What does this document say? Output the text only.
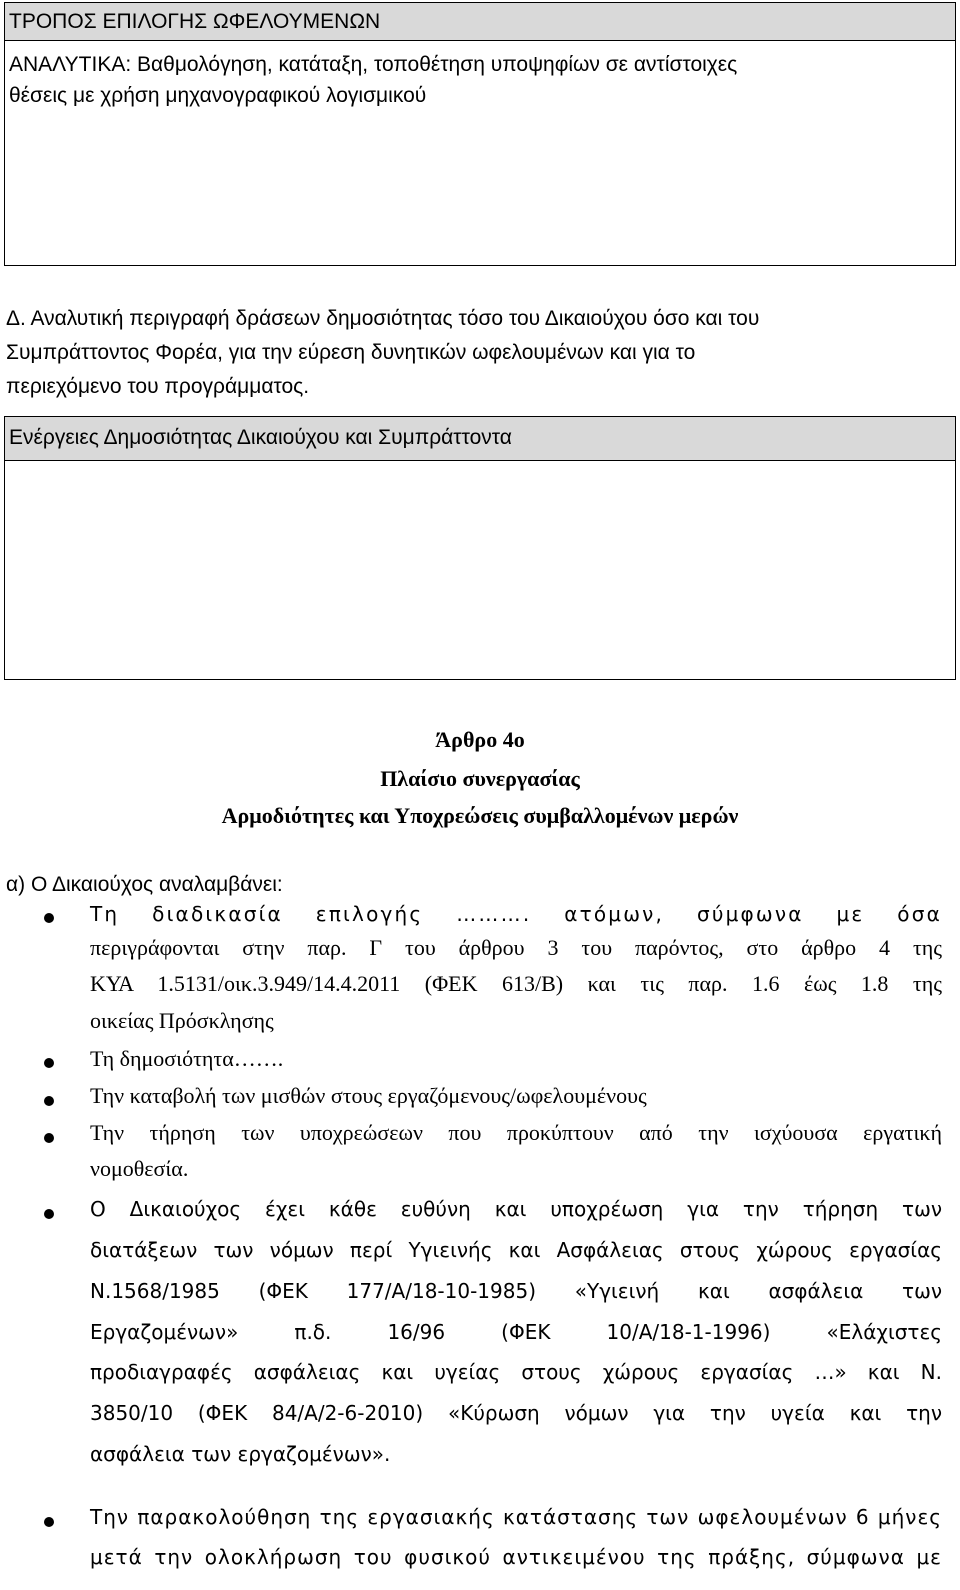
ΤΡΟΠΟΣ ΕΠΙΛΟΓΗΣ ΩΦΕΛΟΥΜΕΝΩΝ
ΑΝΑΛΥΤΙΚΑ: Βαθμολόγηση, κατάταξη, τοποθέτηση υποψηφίων σε αντίστοιχες
θέσεις με χρήση μηχανογραφικού λογισμικού
Δ. Αναλυτική περιγραφή δράσεων δημοσιότητας τόσο του Δικαιούχου όσο και του
Συμπράττοντος Φορέα, για την εύρεση δυνητικών ωφελουμένων και για το
περιεχόμενο του προγράμματος.
Ενέργειες Δημοσιότητας Δικαιούχου και Συμπράττοντα
Άρθρο 4ο
Πλαίσιο συνεργασίας
Αρμοδιότητες και Υποχρεώσεις συμβαλλομένων μερών
α) Ο Δικαιούχος αναλαμβάνει:
Τη διαδικασία επιλογής ………. ατόμων, σύμφωνα με όσα
περιγράφονται στην παρ. Γ του άρθρου 3 του παρόντος, στο άρθρο 4 της
ΚΥΑ 1.5131/οικ.3.949/14.4.2011 (ΦΕΚ 613/Β) και τις παρ. 1.6 έως 1.8 της
οικείας Πρόσκλησης
Τη δημοσιότητα…….
Την καταβολή των μισθών στους εργαζόμενους/ωφελουμένους
Την τήρηση των υποχρεώσεων που προκύπτουν από την ισχύουσα εργατική
νομοθεσία.
Ο Δικαιούχος έχει κάθε ευθύνη και υποχρέωση για την τήρηση των
διατάξεων των νόμων περί Υγιεινής και Ασφάλειας στους χώρους εργασίας
Ν.1568/1985 (ΦΕΚ 177/Α/18-10-1985) «Υγιεινή και ασφάλεια των
Εργαζομένων» π.δ. 16/96 (ΦΕΚ 10/Α/18-1-1996) «Ελάχιστες
προδιαγραφές ασφάλειας και υγείας στους χώρους εργασίας …» και Ν.
3850/10 (ΦΕΚ 84/Α/2-6-2010) «Κύρωση νόμων για την υγεία και την
ασφάλεια των εργαζομένων».
Την παρακολούθηση της εργασιακής κατάστασης των ωφελουμένων 6 μήνες
μετά την ολοκλήρωση του φυσικού αντικειμένου της πράξης, σύμφωνα με
